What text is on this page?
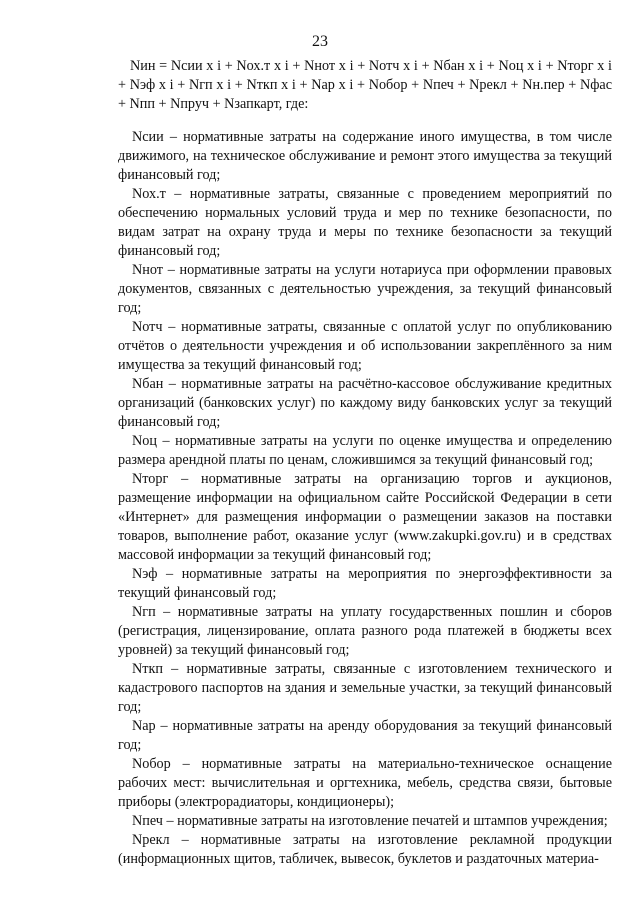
23
Nин = Nсии х i + Nох.т х i + Nнот х i + Nотч х i + Nбан х i + Nоц х i + Nторг х i + Nэф х i + Nгп х i + Nткп х i + Nар х i + Nобор + Nпеч + Nрекл + Nн.пер + Nфас + Nпп + Nпруч + Nзапкарт, где:

Nсии – нормативные затраты на содержание иного имущества, в том числе движимого, на техническое обслуживание и ремонт этого имущества за текущий финансовый год;

Nох.т – нормативные затраты, связанные с проведением мероприятий по обеспечению нормальных условий труда и мер по технике безопасности, по видам затрат на охрану труда и меры по технике безопасности за текущий финансовый год;

Nнот – нормативные затраты на услуги нотариуса при оформлении правовых документов, связанных с деятельностью учреждения, за текущий финансовый год;

Nотч – нормативные затраты, связанные с оплатой услуг по опубликованию отчётов о деятельности учреждения и об использовании закреплённого за ним имущества за текущий финансовый год;

Nбан – нормативные затраты на расчётно-кассовое обслуживание кредитных организаций (банковских услуг) по каждому виду банковских услуг за текущий финансовый год;

Nоц – нормативные затраты на услуги по оценке имущества и определению размера арендной платы по ценам, сложившимся за текущий финансовый год;

Nторг – нормативные затраты на организацию торгов и аукционов, размещение информации на официальном сайте Российской Федерации в сети «Интернет» для размещения информации о размещении заказов на поставки товаров, выполнение работ, оказание услуг (www.zakupki.gov.ru) и в средствах массовой информации за текущий финансовый год;

Nэф – нормативные затраты на мероприятия по энергоэффективности за текущий финансовый год;

Nгп – нормативные затраты на уплату государственных пошлин и сборов (регистрация, лицензирование, оплата разного рода платежей в бюджеты всех уровней) за текущий финансовый год;

Nткп – нормативные затраты, связанные с изготовлением технического и кадастрового паспортов на здания и земельные участки, за текущий финансовый год;

Nар – нормативные затраты на аренду оборудования за текущий финансовый год;

Nобор – нормативные затраты на материально-техническое оснащение рабочих мест: вычислительная и оргтехника, мебель, средства связи, бытовые приборы (электрорадиаторы, кондиционеры);

Nпеч – нормативные затраты на изготовление печатей и штампов учреждения;

Nрекл – нормативные затраты на изготовление рекламной продукции (информационных щитов, табличек, вывесок, буклетов и раздаточных материа-
